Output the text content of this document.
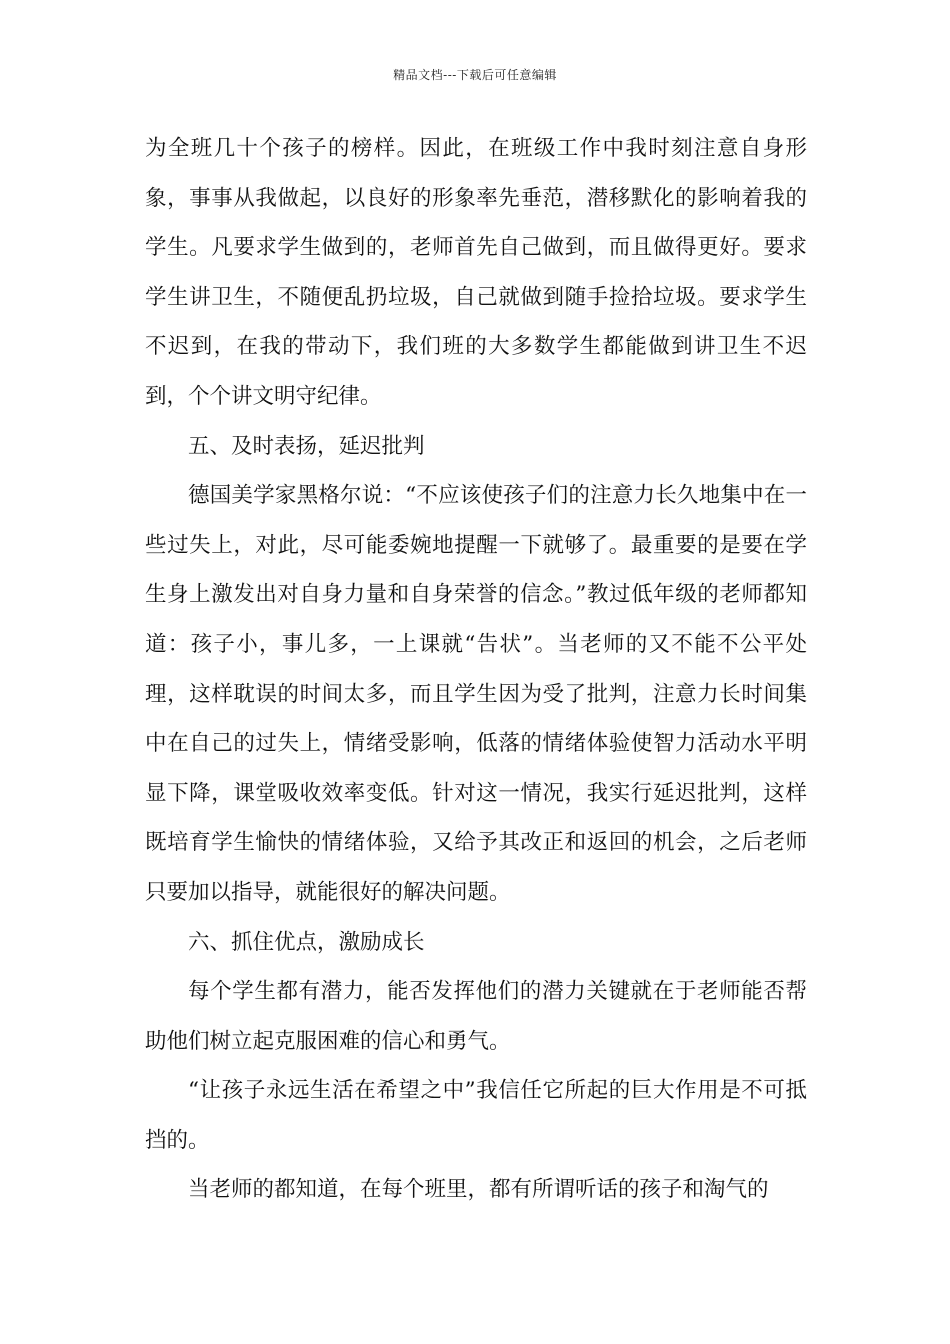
精品文档---下载后可任意编辑

为全班几十个孩子的榜样。因此，在班级工作中我时刻注意自身形象，事事从我做起，以良好的形象率先垂范，潜移默化的影响着我的学生。凡要求学生做到的，老师首先自己做到，而且做得更好。要求学生讲卫生，不随便乱扔垃圾，自己就做到随手捡拾垃圾。要求学生不迟到，在我的带动下，我们班的大多数学生都能做到讲卫生不迟到，个个讲文明守纪律。

五、及时表扬，延迟批判

德国美学家黑格尔说：“不应该使孩子们的注意力长久地集中在一些过失上，对此，尽可能委婉地提醒一下就够了。最重要的是要在学生身上激发出对自身力量和自身荣誉的信念。”教过低年级的老师都知道：孩子小，事儿多，一上课就“告状”。当老师的又不能不公平处理，这样耽误的时间太多，而且学生因为受了批判，注意力长时间集中在自己的过失上，情绪受影响，低落的情绪体验使智力活动水平明显下降，课堂吸收效率变低。针对这一情况，我实行延迟批判，这样既培育学生愉快的情绪体验，又给予其改正和返回的机会，之后老师只要加以指导，就能很好的解决问题。

六、抓住优点，激励成长

每个学生都有潜力，能否发挥他们的潜力关键就在于老师能否帮助他们树立起克服困难的信心和勇气。

“让孩子永远生活在希望之中”我信任它所起的巨大作用是不可抵挡的。

当老师的都知道，在每个班里，都有所谓听话的孩子和淘气的
